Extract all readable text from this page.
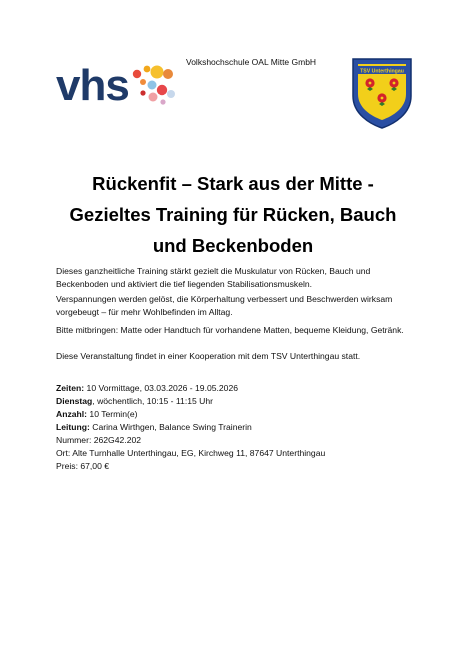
Volkshochschule OAL Mitte GmbH
vhs	TSV Unterthingau
Rückenfit – Stark aus der Mitte -
Gezieltes Training für Rücken, Bauch
und Beckenboden
Dieses ganzheitliche Training stärkt gezielt die Muskulatur von Rücken, Bauch und Beckenboden und aktiviert die tief liegenden Stabilisationsmuskeln.
Verspannungen werden gelöst, die Körperhaltung verbessert und Beschwerden wirksam vorgebeugt – für mehr Wohlbefinden im Alltag.
Bitte mitbringen: Matte oder Handtuch für vorhandene Matten, bequeme Kleidung, Getränk.
Diese Veranstaltung findet in einer Kooperation mit dem TSV Unterthingau statt.
Zeiten: 10 Vormittage, 03.03.2026 - 19.05.2026
Dienstag, wöchentlich, 10:15 - 11:15 Uhr
Anzahl: 10 Termin(e)
Leitung: Carina Wirthgen, Balance Swing Trainerin
Nummer: 262G42.202
Ort: Alte Turnhalle Unterthingau, EG, Kirchweg 11, 87647 Unterthingau
Preis: 67,00 €
